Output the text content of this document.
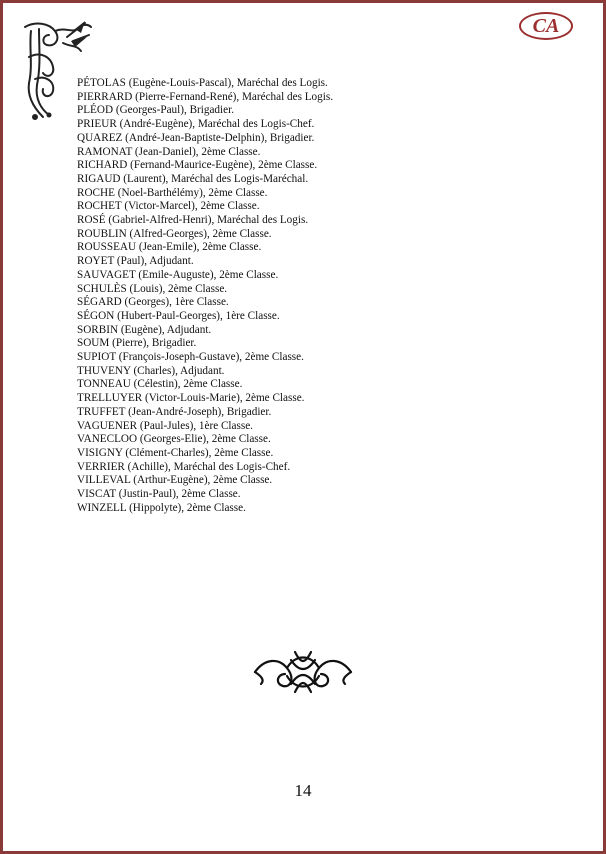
CA
PÉTOLAS (Eugène-Louis-Pascal), Maréchal des Logis.
PIERRARD (Pierre-Fernand-René), Maréchal des Logis.
PLÉOD (Georges-Paul), Brigadier.
PRIEUR (André-Eugène), Maréchal des Logis-Chef.
QUAREZ (André-Jean-Baptiste-Delphin), Brigadier.
RAMONAT (Jean-Daniel), 2ème Classe.
RICHARD (Fernand-Maurice-Eugène), 2ème Classe.
RIGAUD (Laurent), Maréchal des Logis-Maréchal.
ROCHE (Noel-Barthélémy), 2ème Classe.
ROCHET (Victor-Marcel), 2ème Classe.
ROSÉ (Gabriel-Alfred-Henri), Maréchal des Logis.
ROUBLIN (Alfred-Georges), 2ème Classe.
ROUSSEAU (Jean-Emile), 2ème Classe.
ROYET (Paul), Adjudant.
SAUVAGET (Emile-Auguste), 2ème Classe.
SCHULÈS (Louis), 2ème Classe.
SÉGARD (Georges), 1ère Classe.
SÉGON (Hubert-Paul-Georges), 1ère Classe.
SORBIN (Eugène), Adjudant.
SOUM (Pierre), Brigadier.
SUPIOT (François-Joseph-Gustave), 2ème Classe.
THUVENY (Charles), Adjudant.
TONNEAU (Célestin), 2ème Classe.
TRELLUYER (Victor-Louis-Marie), 2ème Classe.
TRUFFET (Jean-André-Joseph), Brigadier.
VAGUENER (Paul-Jules), 1ère Classe.
VANECLOO (Georges-Elie), 2ème Classe.
VISIGNY (Clément-Charles), 2ème Classe.
VERRIER (Achille), Maréchal des Logis-Chef.
VILLEVAL (Arthur-Eugène), 2ème Classe.
VISCAT (Justin-Paul), 2ème Classe.
WINZELL (Hippolyte), 2ème Classe.
14
